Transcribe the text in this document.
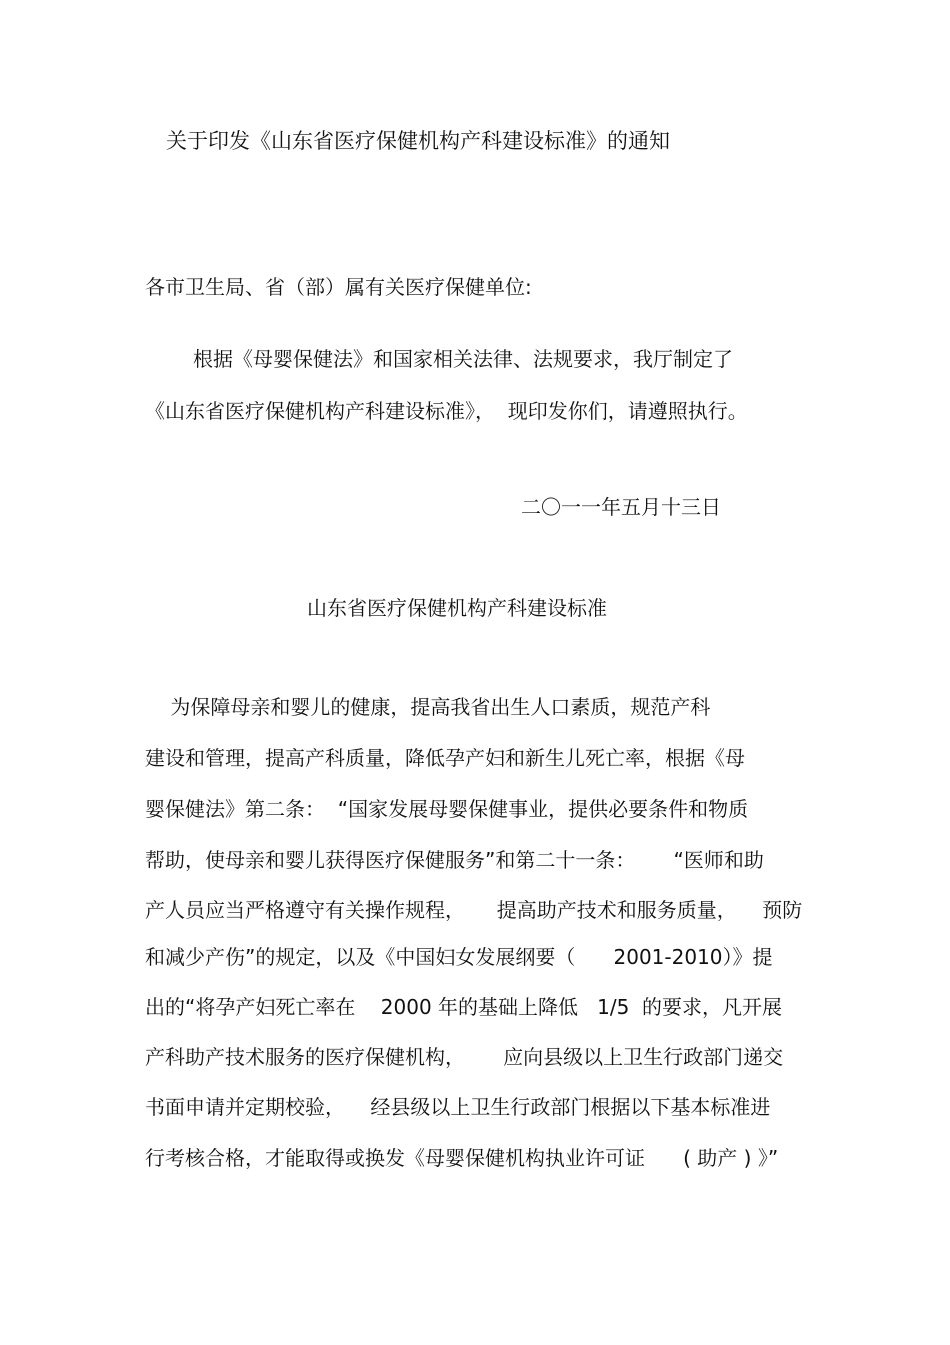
关于印发《山东省医疗保健机构产科建设标准》的通知
各市卫生局、省（部）属有关医疗保健单位:
根据《母婴保健法》和国家相关法律、法规要求，我厅制定了
《山东省医疗保健机构产科建设标准》，  现印发你们，请遵照执行。
二〇一一年五月十三日
山东省医疗保健机构产科建设标准
为保障母亲和婴儿的健康，提高我省出生人口素质，规范产科
建设和管理，提高产科质量，降低孕产妇和新生儿死亡率，根据《母
婴保健法》第二条：  “国家发展母婴保健事业，提供必要条件和物质
帮助，使母亲和婴儿获得医疗保健服务”和第二十一条：      “医师和助
产人员应当严格遵守有关操作规程，     提高助产技术和服务质量，    预防
和减少产伤”的规定，以及《中国妇女发展纲要（      2001-2010）》提
出的“将孕产妇死亡率在    2000 年的基础上降低   1/5  的要求，凡开展
产科助产技术服务的医疗保健机构，      应向县级以上卫生行政部门递交
书面申请并定期校验，    经县级以上卫生行政部门根据以下基本标准进
行考核合格，才能取得或换发《母婴保健机构执业许可证      ( 助产 ) 》”
